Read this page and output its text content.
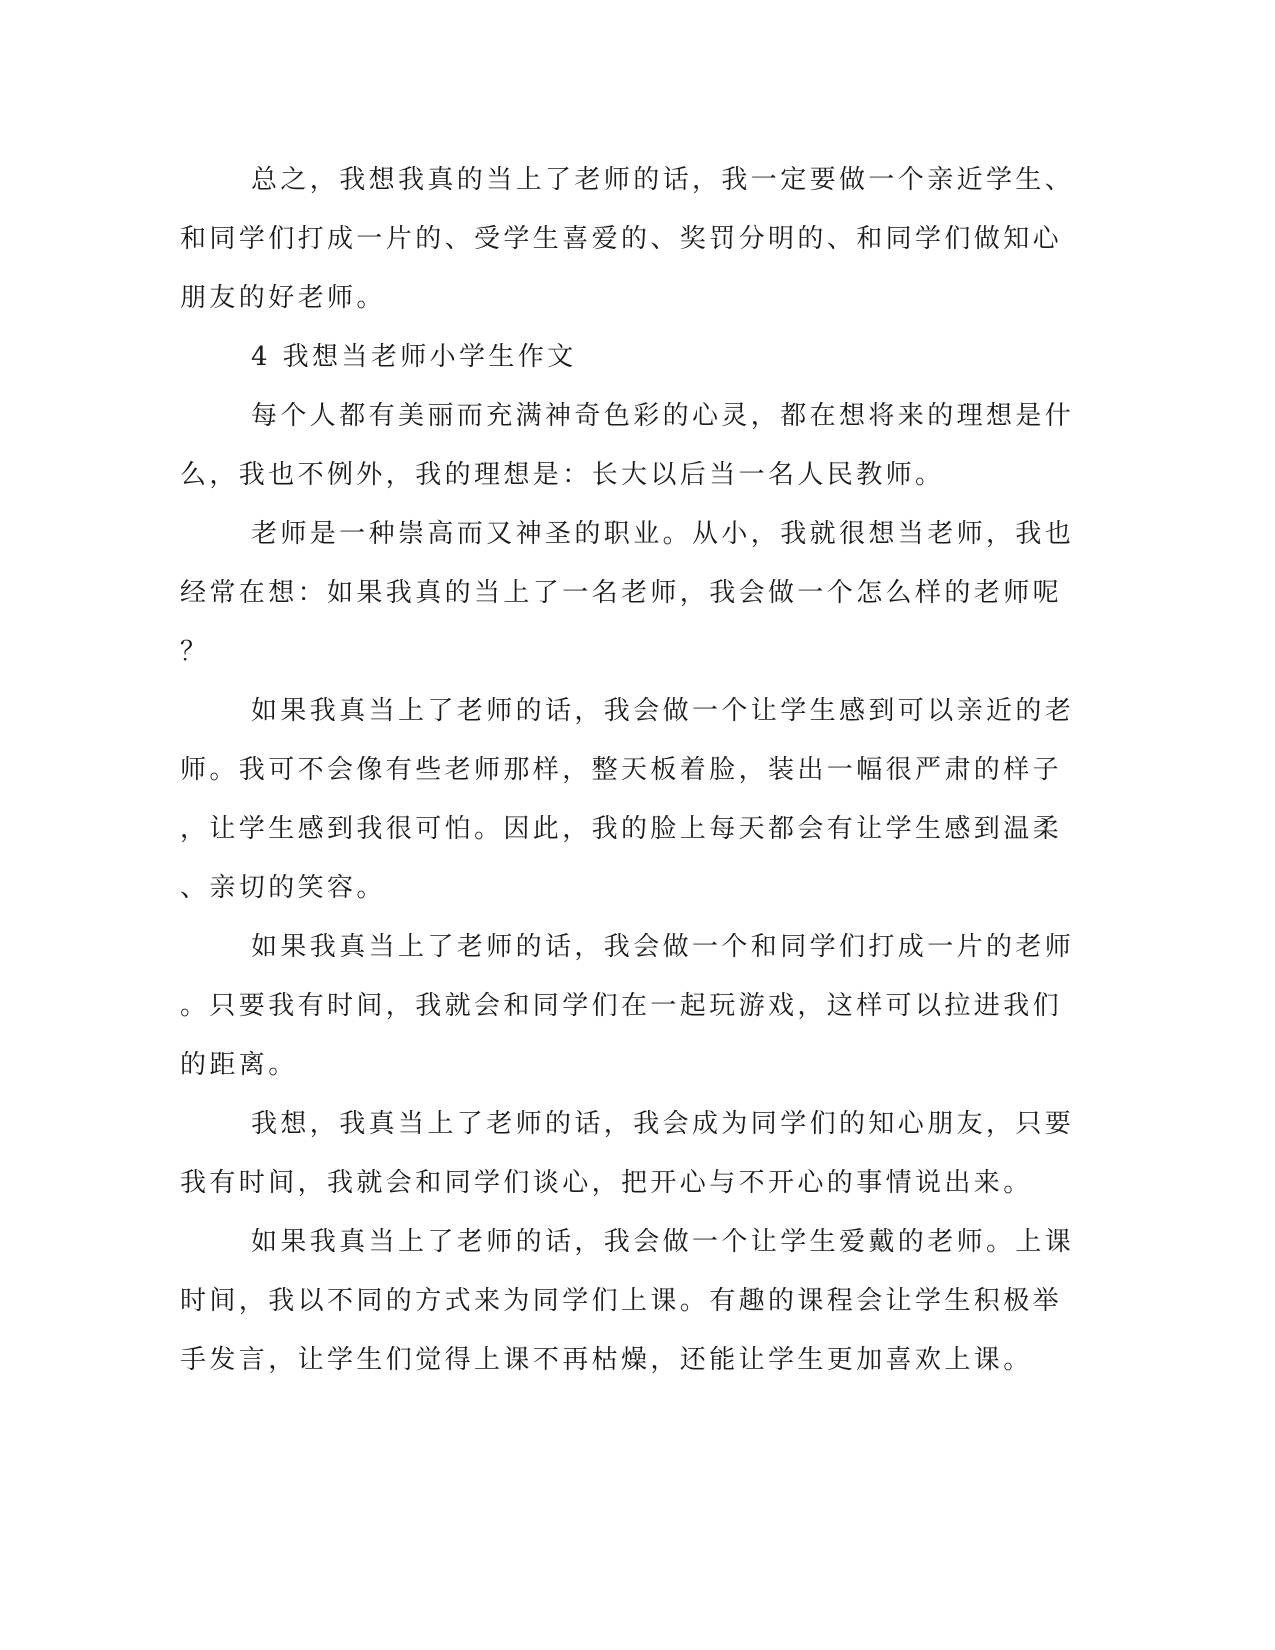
总之，我想我真的当上了老师的话，我一定要做一个亲近学生、
和同学们打成一片的、受学生喜爱的、奖罚分明的、和同学们做知心
朋友的好老师。
4 我想当老师小学生作文
每个人都有美丽而充满神奇色彩的心灵，都在想将来的理想是什
么，我也不例外，我的理想是：长大以后当一名人民教师。
老师是一种崇高而又神圣的职业。从小，我就很想当老师，我也
经常在想：如果我真的当上了一名老师，我会做一个怎么样的老师呢
？
如果我真当上了老师的话，我会做一个让学生感到可以亲近的老
师。我可不会像有些老师那样，整天板着脸，装出一幅很严肃的样子
，让学生感到我很可怕。因此，我的脸上每天都会有让学生感到温柔
、亲切的笑容。
如果我真当上了老师的话，我会做一个和同学们打成一片的老师
。只要我有时间，我就会和同学们在一起玩游戏，这样可以拉进我们
的距离。
我想，我真当上了老师的话，我会成为同学们的知心朋友，只要
我有时间，我就会和同学们谈心，把开心与不开心的事情说出来。
如果我真当上了老师的话，我会做一个让学生爱戴的老师。上课
时间，我以不同的方式来为同学们上课。有趣的课程会让学生积极举
手发言，让学生们觉得上课不再枯燥，还能让学生更加喜欢上课。
